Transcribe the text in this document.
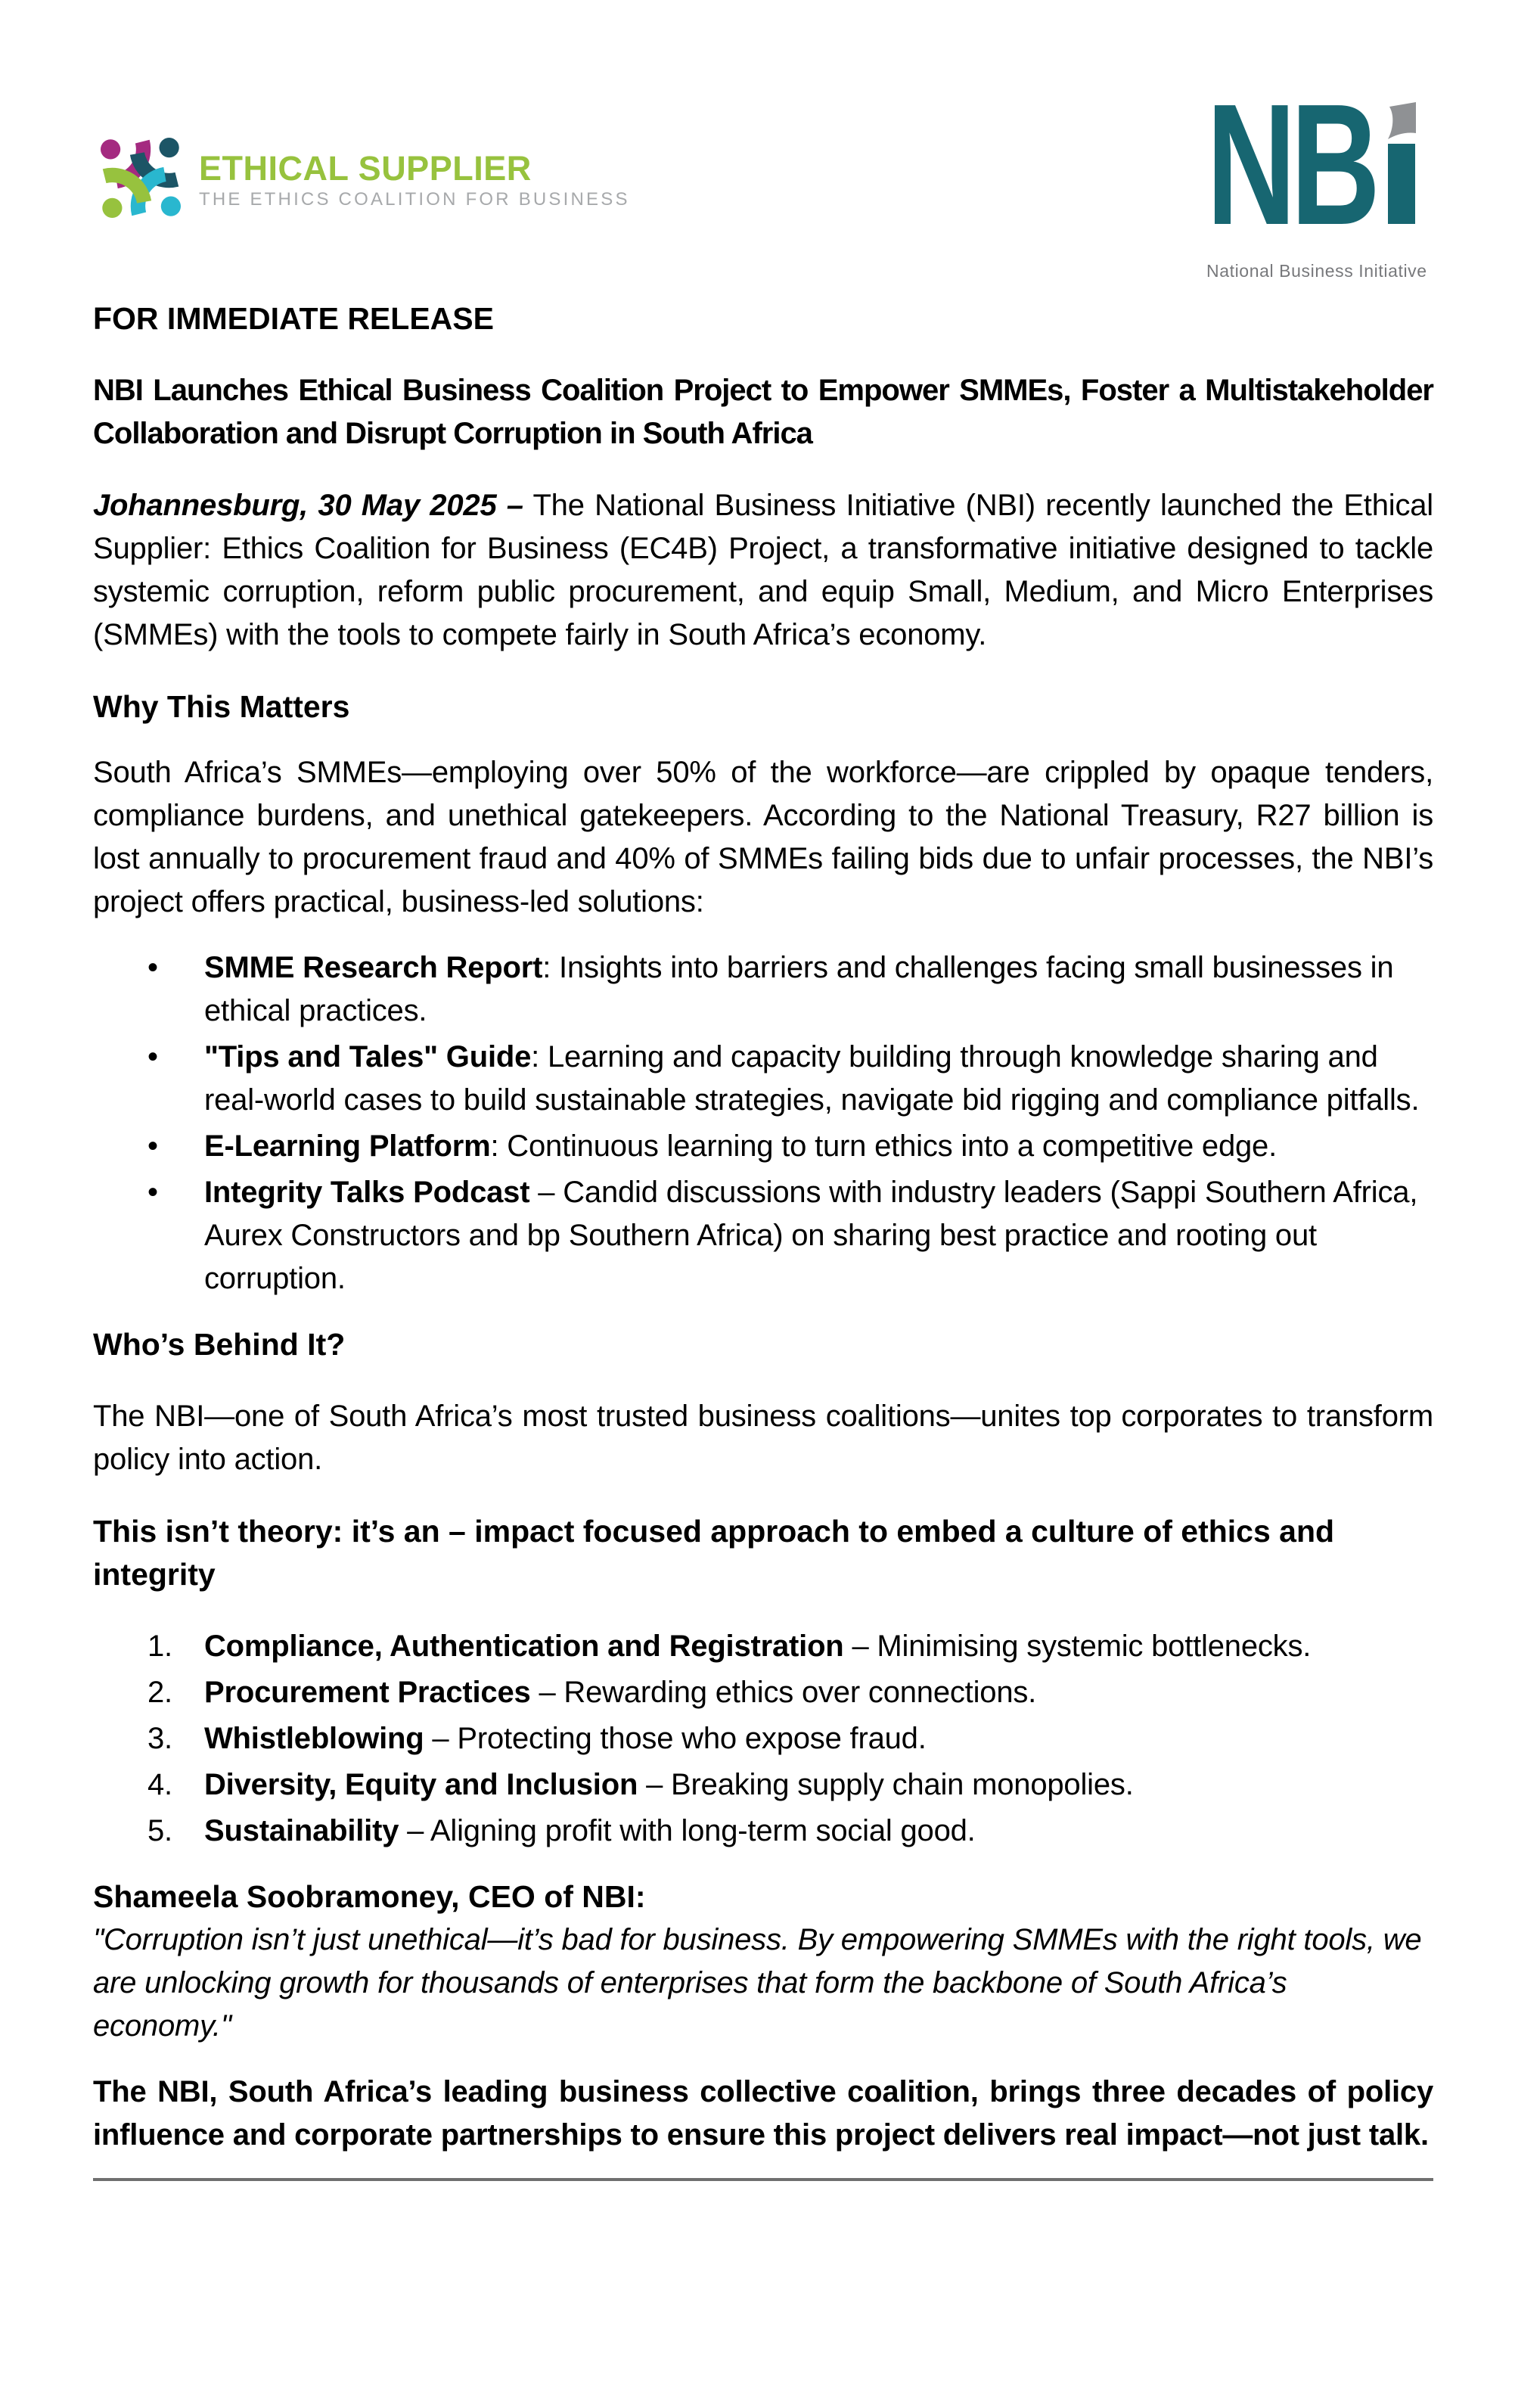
ETHICAL SUPPLIER
THE ETHICS COALITION FOR BUSINESS	NB
National Business Initiative
FOR IMMEDIATE RELEASE
NBI Launches Ethical Business Coalition Project to Empower SMMEs, Foster a Multistakeholder Collaboration and Disrupt Corruption in South Africa
Johannesburg, 30 May 2025 – The National Business Initiative (NBI) recently launched the Ethical Supplier: Ethics Coalition for Business (EC4B) Project, a transformative initiative designed to tackle systemic corruption, reform public procurement, and equip Small, Medium, and Micro Enterprises (SMMEs) with the tools to compete fairly in South Africa’s economy.
Why This Matters
South Africa’s SMMEs—employing over 50% of the workforce—are crippled by opaque tenders, compliance burdens, and unethical gatekeepers. According to the National Treasury, R27 billion is lost annually to procurement fraud and 40% of SMMEs failing bids due to unfair processes, the NBI’s project offers practical, business-led solutions:
• SMME Research Report: Insights into barriers and challenges facing small businesses in ethical practices.
• "Tips and Tales" Guide: Learning and capacity building through knowledge sharing and real-world cases to build sustainable strategies, navigate bid rigging and compliance pitfalls.
• E-Learning Platform: Continuous learning to turn ethics into a competitive edge.
• Integrity Talks Podcast – Candid discussions with industry leaders (Sappi Southern Africa, Aurex Constructors and bp Southern Africa) on sharing best practice and rooting out corruption.
Who’s Behind It?
The NBI—one of South Africa’s most trusted business coalitions—unites top corporates to transform policy into action.
This isn’t theory: it’s an – impact focused approach to embed a culture of ethics and integrity
1. Compliance, Authentication and Registration – Minimising systemic bottlenecks.
2. Procurement Practices – Rewarding ethics over connections.
3. Whistleblowing – Protecting those who expose fraud.
4. Diversity, Equity and Inclusion – Breaking supply chain monopolies.
5. Sustainability – Aligning profit with long-term social good.
Shameela Soobramoney, CEO of NBI:
"Corruption isn’t just unethical—it’s bad for business. By empowering SMMEs with the right tools, we are unlocking growth for thousands of enterprises that form the backbone of South Africa’s economy."
The NBI, South Africa’s leading business collective coalition, brings three decades of policy influence and corporate partnerships to ensure this project delivers real impact—not just talk.
